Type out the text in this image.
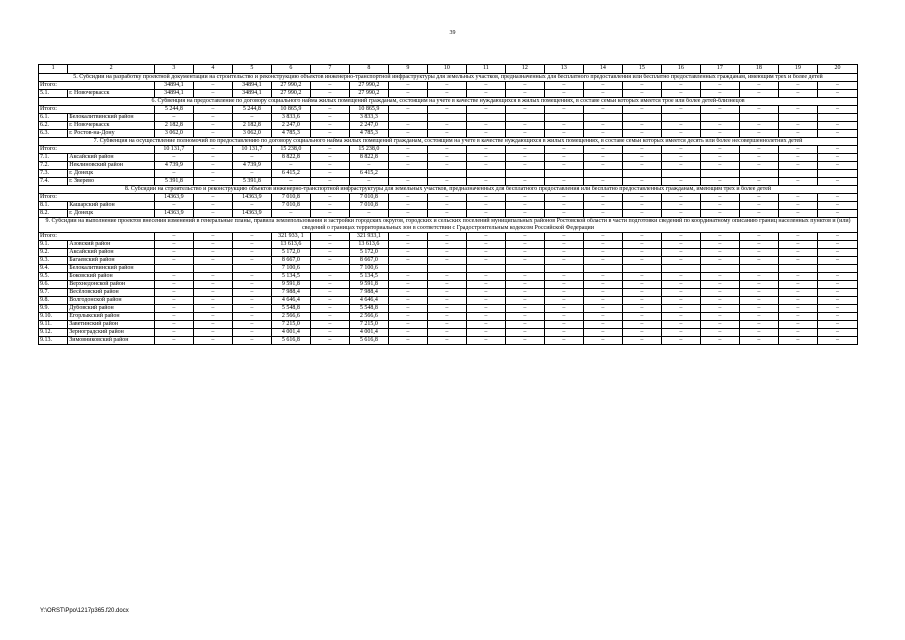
39
1	2	3	4	5	6	7	8	9	10	11	12	13	14	15	16	17	18	19	20
5. Субсидии на разработку проектной документации на строительство и реконструкцию объектов инженерно-транспортной инфраструктуры для земельных участков, предназначенных для бесплатного предоставления или бесплатно предоставленных гражданам, имеющим трех и более детей																			
Итого:		34894,1	–	34894,1	27 990,2	–	27 990,2	–	–	–	–	–	–	–	–	–	–	–	–
5.1.	г. Новочеркасск	34894,1	–	34894,1	27 990,2	–	27 990,2	–	–	–	–	–	–	–	–	–	–	–	–
6. Субвенция на предоставление по договору социального найма жилых помещений гражданам, состоящим на учете в качестве нуждающихся в жилых помещениях, в составе семьи которых имеется трое или более детей-близнецов																			
Итого:		5 244,8	–	5 244,8	10 865,9	–	10 865,9	–	–	–	–	–	–	–	–	–	–	–	–
6.1.	Белокалитвинский район	–	–	–	3 833,6	–	3 833,3												
6.2.	г. Новочеркасск	2 182,8	–	2 182,8	2 247,0	–	2 247,0	–	–	–	–	–	–	–	–	–	–	–	–
6.3.	г. Ростов-на-Дону	3 062,0	–	3 062,0	4 785,3	–	4 785,3	–	–	–	–	–	–	–	–	–	–	–	–
7. Субвенция на осуществление полномочий по предоставлению по договору социального найма жилых помещений гражданам, состоящим на учете в качестве нуждающихся в жилых помещениях, в составе семьи которых имеется десять или более несовершеннолетних детей																			
Итого:		10 131,7	–	10 131,7	15 238,0	–	15 238,0	–	–	–	–	–	–	–	–	–	–	–	–
7.1.	Аксайский район	–	–	–	8 822,8	–	8 822,8	–	–	–	–	–	–	–	–	–	–	–	–
7.2.	Неклиновский район	4 739,9	–	4 739,9	–	–	–	–	–	–	–	–	–	–	–	–	–	–	–
7.3.	г. Донецк	–	–	–	6 415,2	–	6 415,2												
7.4.	г. Зверево	5 391,8	–	5 391,8	–	–	–	–	–	–	–	–	–	–	–	–	–	–	–
8. Субсидии на строительство и реконструкцию объектов инженерно-транспортной инфраструктуры для земельных участков, предназначенных для бесплатного предоставления или бесплатно предоставленных гражданам, имеющим трех и более детей																			
Итого:		14363,9	–	14363,9	7 010,8	–	7 010,8	–	–	–	–	–	–	–	–	–	–	–	–
8.1.	Кашарский район	–	–	–	7 010,8	–	7 010,8	–	–	–	–	–	–	–	–	–	–	–	–
8.2.	г. Донецк	14363,9	–	14363,9	–	–	–	–	–	–	–	–	–	–	–	–	–	–	–
9. Субсидии на выполнение проектов внесения изменений в генеральные планы, правила землепользования и застройки городских округов, городских и сельских поселений муниципальных районов Ростовской области в части подготовки сведений по координатному описанию границ населенных пунктов и (или) сведений о границах территориальных зон в соответствии с Градостроительным кодексом Российской Федерации																			
Итого:		–	–	–	321 933, 1	–	321 933,1	–	–	–	–	–	–	–	–	–	–	–	–
9.1.	Азовский район	–	–	–	13 613,6	–	13 613,6	–	–	–	–	–	–	–	–	–	–	–	–
9.2.	Аксайский район	–	–	–	5 172,0	–	5 172,0	–	–	–	–	–	–	–	–	–	–	–	–
9.3.	Багаевский район	–	–	–	8 667,0	–	8 667,0	–	–	–	–	–	–	–	–	–	–	–	–
9.4.	Белокалитвинский район				7 100,6		7 100,6												
9.5.	Боковский район	–	–	–	5 134,5	–	5 134,5	–	–	–	–	–	–	–	–	–	–	–	–
9.6.	Верхнедонской район	–	–	–	9 591,8	–	9 591,8	–	–	–	–	–	–	–	–	–	–	–	–
9.7.	Весёловский район	–	–	–	7 988,4	–	7 988,4	–	–	–	–	–	–	–	–	–	–	–	–
9.8.	Волгодонской район	–	–	–	4 646,4	–	4 646,4	–	–	–	–	–	–	–	–	–	–	–	–
9.9.	Дубовский район	–	–	–	5 548,8	–	5 548,8	–	–	–	–	–	–	–	–	–	–	–	–
9.10.	Егорлыкский район	–	–	–	2 566,6	–	2 566,6	–	–	–	–	–	–	–	–	–	–	–	–
9.11.	Заветинский район	–	–	–	7 215,0	–	7 215,0	–	–	–	–	–	–	–	–	–	–	–	–
9.12.	Зерноградский район	–	–	–	4 001,4	–	4 001,4	–	–	–	–	–	–	–	–	–	–	–	–
9.13.	Зимовниковский район	–	–	–	5 616,8	–	5 616,8	–	–	–	–	–	–	–	–	–	–	–	–
Y:\ORST\Ppo\1217p365.f20.docx
